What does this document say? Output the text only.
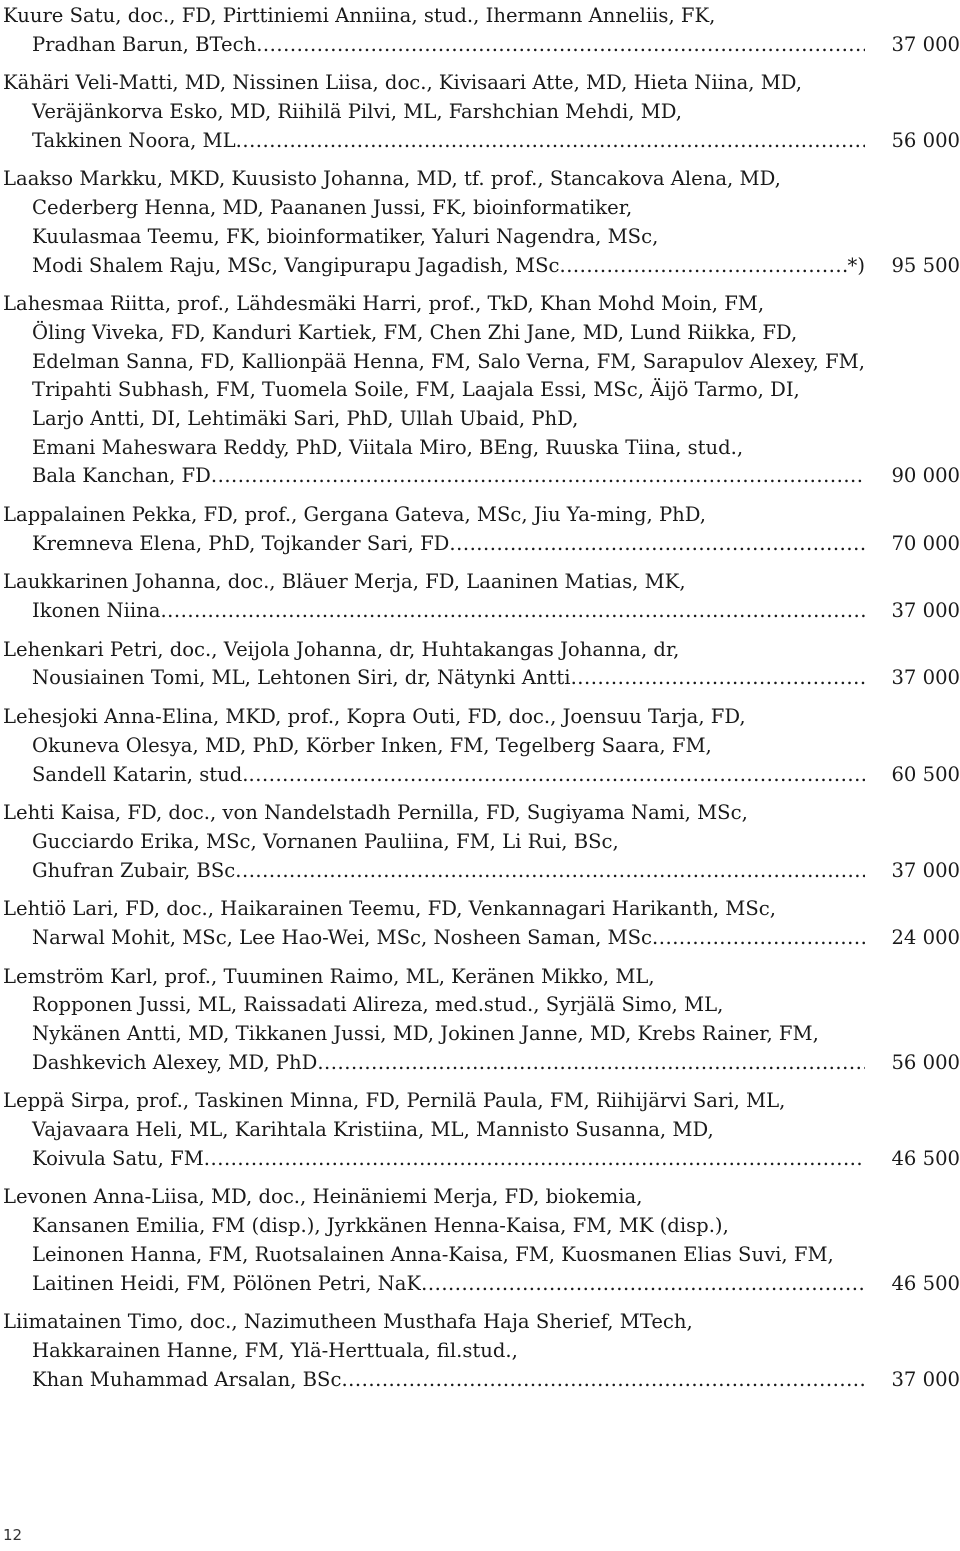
Kuure Satu, doc., FD, Pirttiniemi Anniina, stud., Ihermann Anneliis, FK,
Pradhan Barun, BTech .....	37 000
Kähäri Veli-Matti, MD, Nissinen Liisa, doc., Kivisaari Atte, MD, Hieta Niina, MD,
Veräjänkorva Esko, MD, Riihilä Pilvi, ML, Farshchian Mehdi, MD,
Takkinen Noora, ML .....	56 000
Laakso Markku, MKD, Kuusisto Johanna, MD, tf. prof., Stancakova Alena, MD,
Cederberg Henna, MD, Paananen Jussi, FK, bioinformatiker,
Kuulasmaa Teemu, FK, bioinformatiker, Yaluri Nagendra, MSc,
Modi Shalem Raju, MSc, Vangipurapu Jagadish, MSc .....	*)	95 500
Lahesmaa Riitta, prof., Lähdesmäki Harri, prof., TkD, Khan Mohd Moin, FM,
Öling Viveka, FD, Kanduri Kartiek, FM, Chen Zhi Jane, MD, Lund Riikka, FD,
Edelman Sanna, FD, Kallionpää Henna, FM, Salo Verna, FM, Sarapulov Alexey, FM,
Tripahti Subhash, FM, Tuomela Soile, FM, Laajala Essi, MSc, Äijö Tarmo, DI,
Larjo Antti, DI, Lehtimäki Sari, PhD, Ullah Ubaid, PhD,
Emani Maheswara Reddy, PhD, Viitala Miro, BEng, Ruuska Tiina, stud.,
Bala Kanchan, FD .....	90 000
Lappalainen Pekka, FD, prof., Gergana Gateva, MSc, Jiu Ya-ming, PhD,
Kremneva Elena, PhD, Tojkander Sari, FD .....	70 000
Laukkarinen Johanna, doc., Bläuer Merja, FD, Laaninen Matias, MK,
Ikonen Niina .....	37 000
Lehenkari Petri, doc., Veijola Johanna, dr, Huhtakangas Johanna, dr,
Nousiainen Tomi, ML, Lehtonen Siri, dr, Nätynki Antti .....	37 000
Lehesjoki Anna-Elina, MKD, prof., Kopra Outi, FD, doc., Joensuu Tarja, FD,
Okuneva Olesya, MD, PhD, Körber Inken, FM, Tegelberg Saara, FM,
Sandell Katarin, stud. .....	60 500
Lehti Kaisa, FD, doc., von Nandelstadh Pernilla, FD, Sugiyama Nami, MSc,
Gucciardo Erika, MSc, Vornanen Pauliina, FM, Li Rui, BSc,
Ghufran Zubair, BSc .....	37 000
Lehtiö Lari, FD, doc., Haikarainen Teemu, FD, Venkannagari Harikanth, MSc,
Narwal Mohit, MSc, Lee Hao-Wei, MSc, Nosheen Saman, MSc .....	24 000
Lemström Karl, prof., Tuuminen Raimo, ML, Keränen Mikko, ML,
Ropponen Jussi, ML, Raissadati Alireza, med.stud., Syrjälä Simo, ML,
Nykänen Antti, MD, Tikkanen Jussi, MD, Jokinen Janne, MD, Krebs Rainer, FM,
Dashkevich Alexey, MD, PhD .....	56 000
Leppä Sirpa, prof., Taskinen Minna, FD, Pernilä Paula, FM, Riihijärvi Sari, ML,
Vajavaara Heli, ML, Karihtala Kristiina, ML, Mannisto Susanna, MD,
Koivula Satu, FM .....	46 500
Levonen Anna-Liisa, MD, doc., Heinäniemi Merja, FD, biokemia,
Kansanen Emilia, FM (disp.), Jyrkkänen Henna-Kaisa, FM, MK (disp.),
Leinonen Hanna, FM, Ruotsalainen Anna-Kaisa, FM, Kuosmanen Elias Suvi, FM,
Laitinen Heidi, FM, Pölönen Petri, NaK .....	46 500
Liimatainen Timo, doc., Nazimutheen Musthafa Haja Sherief, MTech,
Hakkarainen Hanne, FM, Ylä-Herttuala, fil.stud.,
Khan Muhammad Arsalan, BSc .....	37 000
12
